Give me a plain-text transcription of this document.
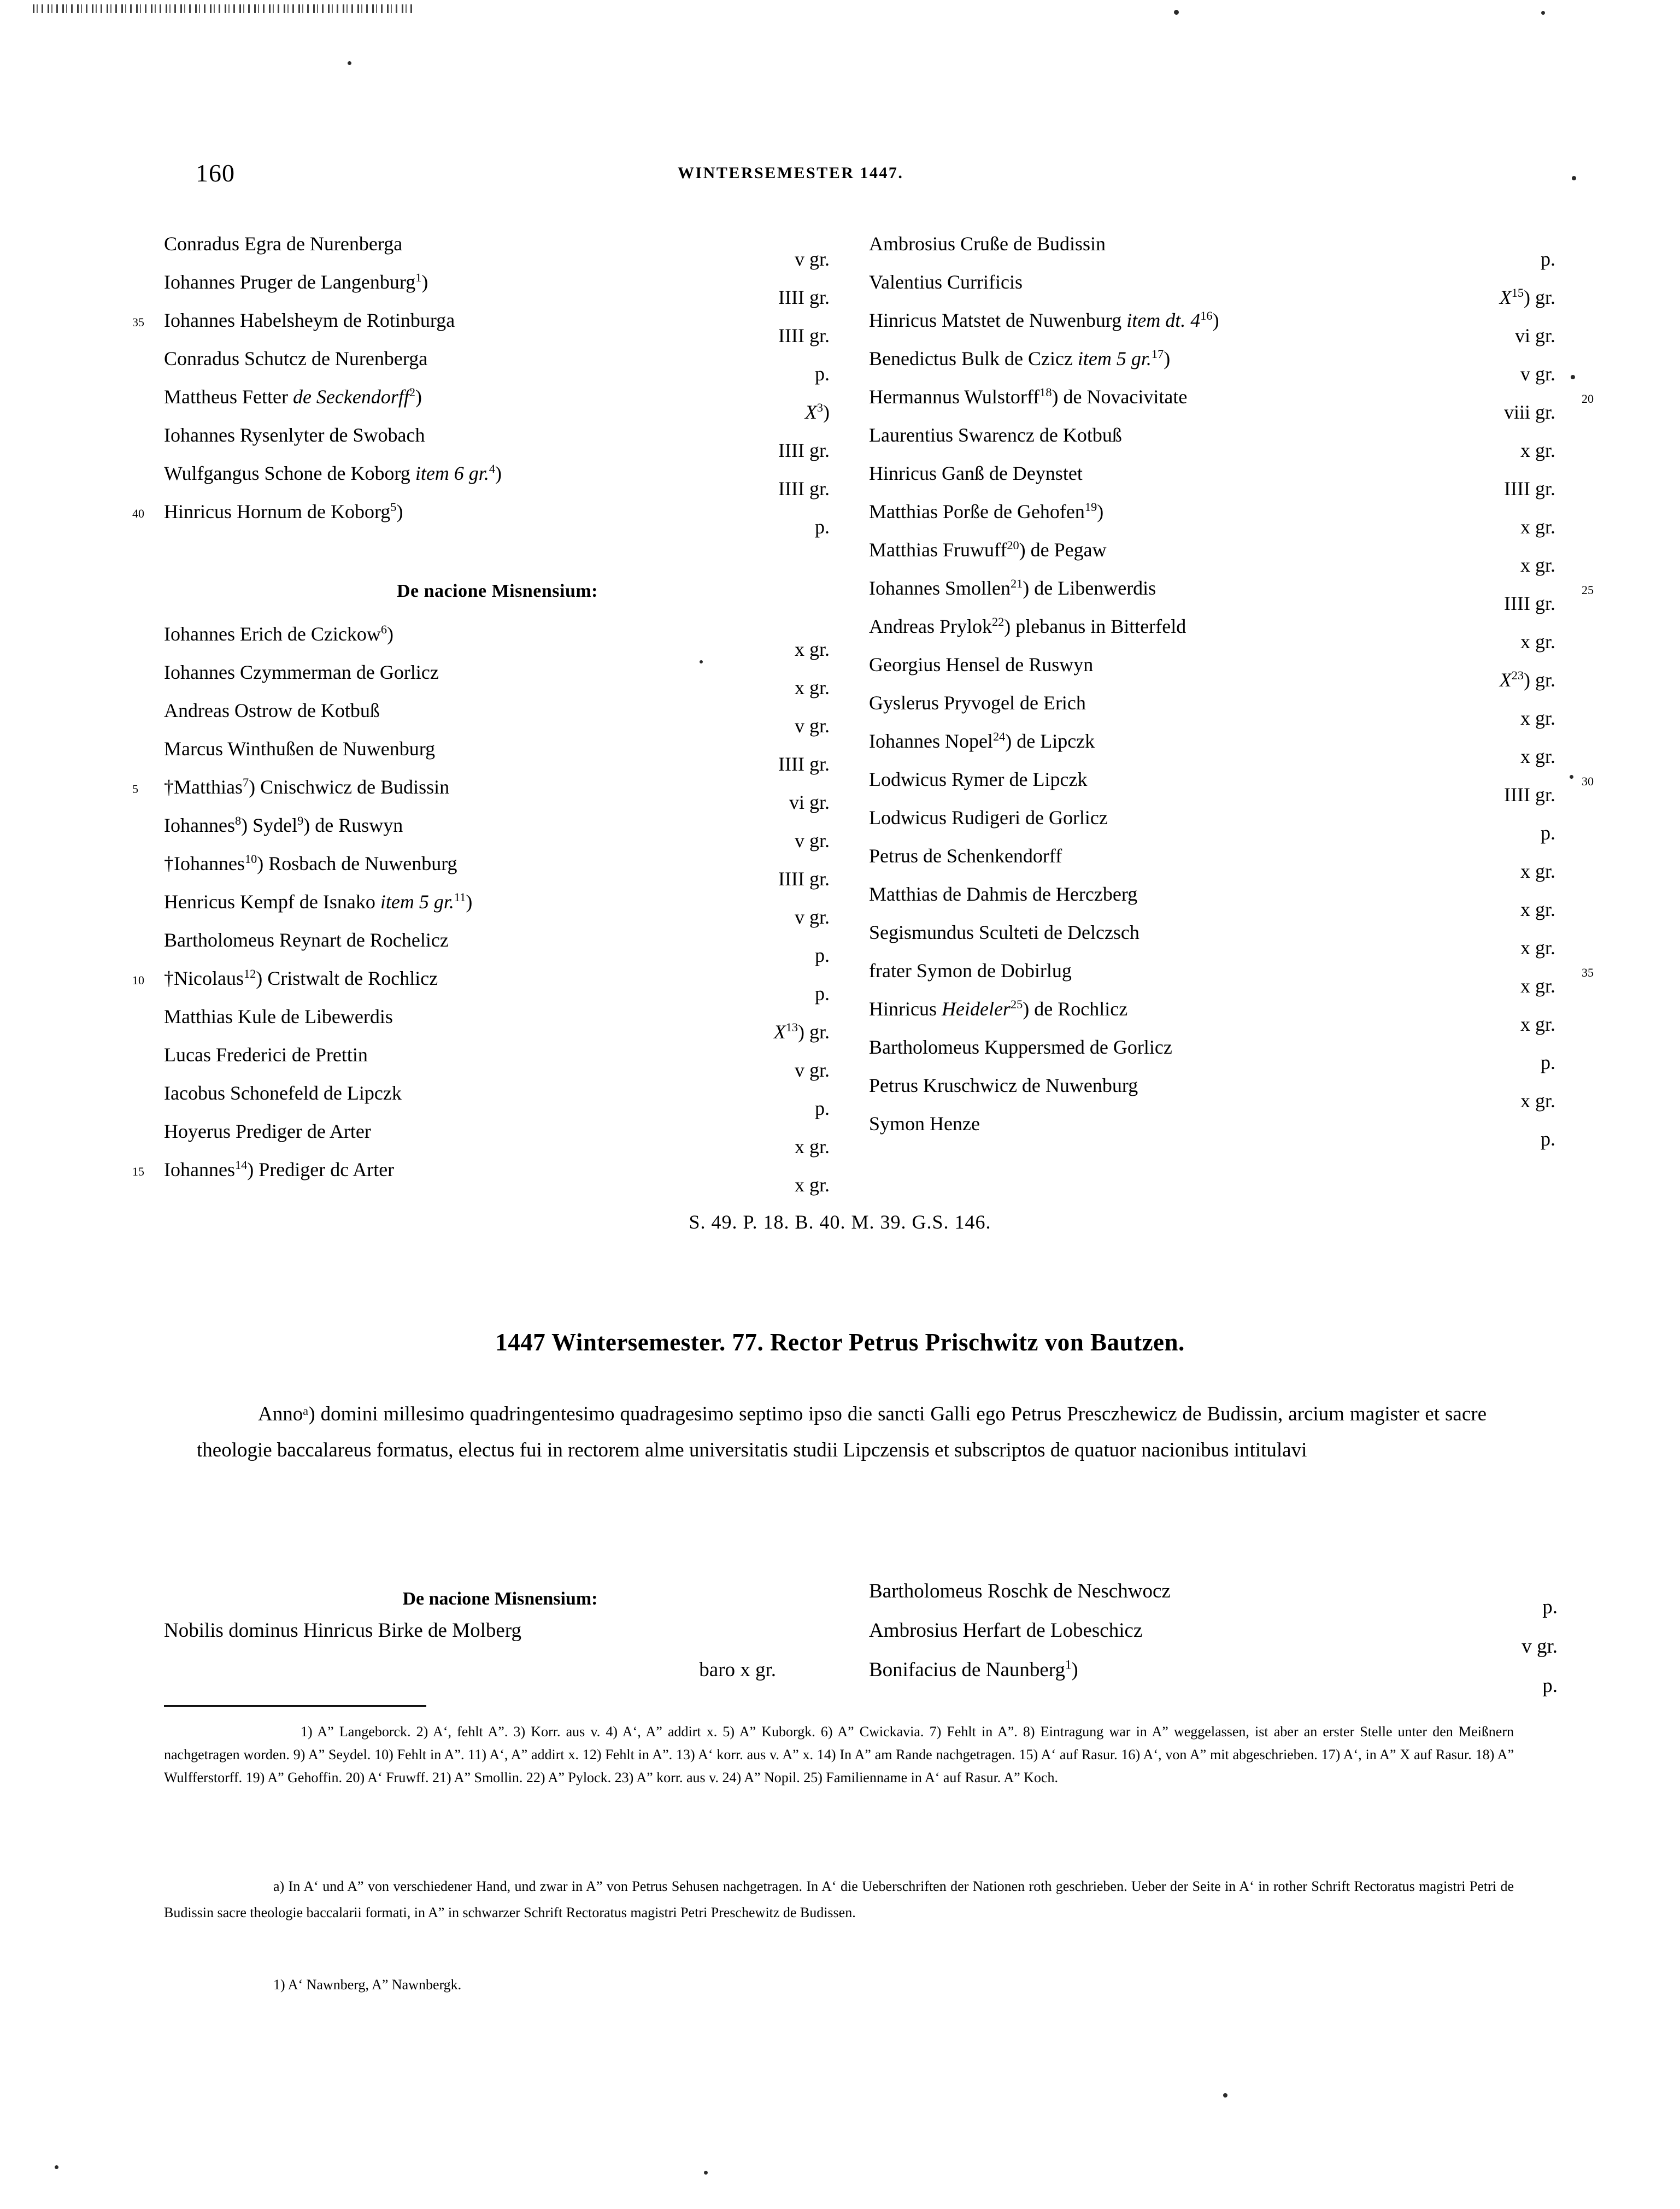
160	WINTERSEMESTER 1447.
Conradus Egra de Nurenberga
v gr.
Iohannes Pruger de Langenburg$^1$)
IIII gr.
35 Iohannes Habelsheym de Rotinburga
IIII gr.
Conradus Schutcz de Nurenberga
p.
Mattheus Fetter de Seckendorff$^2$)
$X^3$)
Iohannes Rysenlyter de Swobach
IIII gr.
Wulfgangus Schone de Koborg item 6 gr.$^4$)
IIII gr.
40 Hinricus Hornum de Koborg$^5$)
p.
De nacione Misnensium:
Iohannes Erich de Czickow$^6$)
x gr.
Iohannes Czymmerman de Gorlicz
x gr.
Andreas Ostrow de Kotbuß
v gr.
Marcus Winthußen de Nuwenburg
IIII gr.
5 †Matthias$^7$) Cnischwicz de Budissin
vi gr.
Iohannes$^8$) Sydel$^9$) de Ruswyn
v gr.
†Iohannes$^{10}$) Rosbach de Nuwenburg
IIII gr.
Henricus Kempf de Isnako item 5 gr.$^{11}$)
v gr.
Bartholomeus Reynart de Rochelicz
p.
10 †Nicolaus$^{12}$) Cristwalt de Rochlicz
p.
Matthias Kule de Libewerdis
$X^{13}$) gr.
Lucas Frederici de Prettin
v gr.
Iacobus Schonefeld de Lipczk
p.
Hoyerus Prediger de Arter
x gr.
15 Iohannes$^{14}$) Prediger dc Arter
x gr.
Ambrosius Cruße de Budissin
p.
Valentius Currificis
$X^{15}$) gr.
Hinricus Matstet de Nuwenburg item dt. $4^{16}$)
vi gr.
Benedictus Bulk de Czicz item 5 gr.$^{17}$)
v gr.
20
Hermannus Wulstorff$^{18}$) de Novacivitate
viii gr.
Laurentius Swarencz de Kotbuß
x gr.
Hinricus Ganß de Deynstet
IIII gr.
Matthias Porße de Gehofen$^{19}$)
x gr.
Matthias Fruwuff$^{20}$) de Pegaw
x gr.
25
Iohannes Smollen$^{21}$) de Libenwerdis
IIII gr.
Andreas Prylok$^{22}$) plebanus in Bitterfeld
x gr.
Georgius Hensel de Ruswyn
$X^{23}$) gr.
Gyslerus Pryvogel de Erich
x gr.
Iohannes Nopel$^{24}$) de Lipczk
x gr.
30
Lodwicus Rymer de Lipczk
IIII gr.
Lodwicus Rudigeri de Gorlicz
p.
Petrus de Schenkendorff
x gr.
Matthias de Dahmis de Herczberg
x gr.
Segismundus Sculteti de Delczsch
x gr.
35
frater Symon de Dobirlug
x gr.
Hinricus Heideler$^{25}$) de Rochlicz
x gr.
Bartholomeus Kuppersmed de Gorlicz
p.
Petrus Kruschwicz de Nuwenburg
x gr.
Symon Henze
p.
S. 49. P. 18. B. 40. M. 39. G.S. 146.
1447 Wintersemester. 77. Rector Petrus Prischwitz von Bautzen.
Annoᵃ) domini millesimo quadringentesimo quadragesimo septimo ipso die sancti Galli ego Petrus Presczhewicz de Budissin, arcium magister et sacre theologie baccalareus formatus, electus fui in rectorem alme universitatis studii Lipczensis et subscriptos de quatuor nacionibus intitulavi
De nacione Misnensium:
Nobilis dominus Hinricus Birke de Molberg
baro x gr.
Bartholomeus Roschk de Neschwocz
p.
Ambrosius Herfart de Lobeschicz
v gr.
Bonifacius de Naunberg$^1$)
p.
1) A” Langeborck. 2) A‘, fehlt A”. 3) Korr. aus v. 4) A‘, A” addirt x. 5) A” Kuborgk. 6) A” Cwickavia. 7) Fehlt in A”. 8) Eintragung war in A” weggelassen, ist aber an erster Stelle unter den Meißnern nachgetragen worden. 9) A” Seydel. 10) Fehlt in A”. 11) A‘, A” addirt x. 12) Fehlt in A”. 13) A‘ korr. aus v. A” x. 14) In A” am Rande nachgetragen. 15) A‘ auf Rasur. 16) A‘, von A” mit abgeschrieben. 17) A‘, in A” X auf Rasur. 18) A” Wulfferstorff. 19) A” Gehoffin. 20) A‘ Fruwff. 21) A” Smollin. 22) A” Pylock. 23) A” korr. aus v. 24) A” Nopil. 25) Familienname in A‘ auf Rasur. A” Koch.
a) In A‘ und A” von verschiedener Hand, und zwar in A” von Petrus Sehusen nachgetragen. In A‘ die Ueberschriften der Nationen roth geschrieben. Ueber der Seite in A‘ in rother Schrift Rectoratus magistri Petri de Budissin sacre theologie baccalarii formati, in A” in schwarzer Schrift Rectoratus magistri Petri Preschewitz de Budissen.
1) A‘ Nawnberg, A” Nawnbergk.
